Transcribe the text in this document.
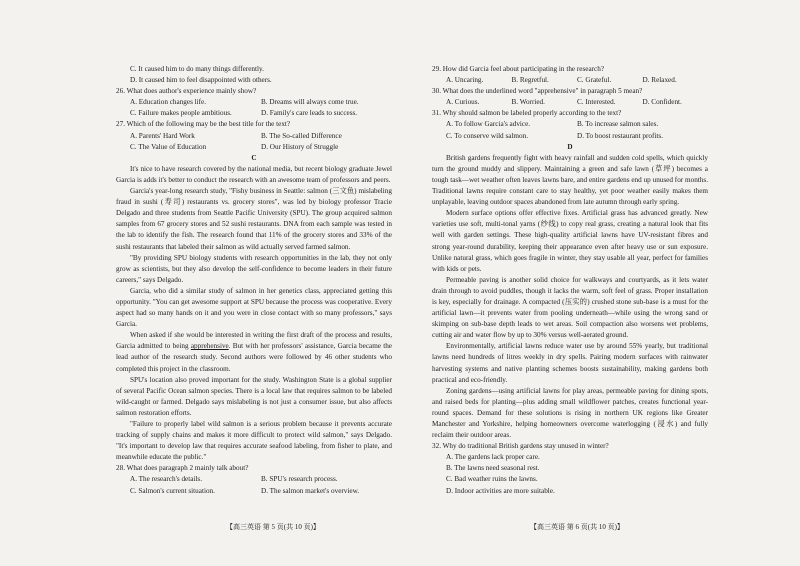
C. It caused him to do many things differently.
D. It caused him to feel disappointed with others.
26. What does author's experience mainly show?
A. Education changes life.	B. Dreams will always come true.
C. Failure makes people ambitious.	D. Family's care leads to success.
27. Which of the following may be the best title for the text?
A. Parents' Hard Work	B. The So-called Difference
C. The Value of Education	D. Our History of Struggle
C

It's nice to have research covered by the national media, but recent biology graduate Jewel Garcia is adds it's better to conduct the research with an awesome team of professors and peers.

Garcia's year-long research study, "Fishy business in Seattle: salmon (三文鱼) mislabeling fraud in sushi (寿司) restaurants vs. grocery stores", was led by biology professor Tracie Delgado and three students from Seattle Pacific University (SPU). The group acquired salmon samples from 67 grocery stores and 52 sushi restaurants. DNA from each sample was tested in the lab to identify the fish. The research found that 11% of the grocery stores and 33% of the sushi restaurants that labeled their salmon as wild actually served farmed salmon.

"By providing SPU biology students with research opportunities in the lab, they not only grow as scientists, but they also develop the self-confidence to become leaders in their future careers," says Delgado.

Garcia, who did a similar study of salmon in her genetics class, appreciated getting this opportunity. "You can get awesome support at SPU because the process was cooperative. Every aspect had so many hands on it and you were in close contact with so many professors," says Garcia.

When asked if she would be interested in writing the first draft of the process and results, Garcia admitted to being apprehensive. But with her professors' assistance, Garcia became the lead author of the research study. Second authors were followed by 46 other students who completed this project in the classroom.

SPU's location also proved important for the study. Washington State is a global supplier of several Pacific Ocean salmon species. There is a local law that requires salmon to be labeled wild-caught or farmed. Delgado says mislabeling is not just a consumer issue, but also affects salmon restoration efforts.

"Failure to properly label wild salmon is a serious problem because it prevents accurate tracking of supply chains and makes it more difficult to protect wild salmon," says Delgado. "It's important to develop law that requires accurate seafood labeling, from fisher to plate, and meanwhile educate the public."

28. What does paragraph 2 mainly talk about?
A. The research's details.	B. SPU's research process.
C. Salmon's current situation.	D. The salmon market's overview.
29. How did Garcia feel about participating in the research?
A. Uncaring.	B. Regretful.	C. Grateful.	D. Relaxed.
30. What does the underlined word "apprehensive" in paragraph 5 mean?
A. Curious.	B. Worried.	C. Interested.	D. Confident.
31. Why should salmon be labeled properly according to the text?
A. To follow Garcia's advice.	B. To increase salmon sales.
C. To conserve wild salmon.	D. To boost restaurant profits.
D

British gardens frequently fight with heavy rainfall and sudden cold spells, which quickly turn the ground muddy and slippery. Maintaining a green and safe lawn (草坪) becomes a tough task—wet weather often leaves lawns bare, and entire gardens end up unused for months. Traditional lawns require constant care to stay healthy, yet poor weather easily makes them unplayable, leaving outdoor spaces abandoned from late autumn through early spring.

Modern surface options offer effective fixes. Artificial grass has advanced greatly. New varieties use soft, multi-tonal yarns (纱线) to copy real grass, creating a natural look that fits well with garden settings. These high-quality artificial lawns have UV-resistant fibres and strong year-round durability, keeping their appearance even after heavy use or sun exposure. Unlike natural grass, which goes fragile in winter, they stay usable all year, perfect for families with kids or pets.

Permeable paving is another solid choice for walkways and courtyards, as it lets water drain through to avoid puddles, though it lacks the warm, soft feel of grass. Proper installation is key, especially for drainage. A compacted (压实的) crushed stone sub-base is a must for the artificial lawn—it prevents water from pooling underneath—while using the wrong sand or skimping on sub-base depth leads to wet areas. Soil compaction also worsens wet problems, cutting air and water flow by up to 30% versus well-aerated ground.

Environmentally, artificial lawns reduce water use by around 55% yearly, but traditional lawns need hundreds of litres weekly in dry spells. Pairing modern surfaces with rainwater harvesting systems and native planting schemes boosts sustainability, making gardens both practical and eco-friendly.

Zoning gardens—using artificial lawns for play areas, permeable paving for dining spots, and raised beds for planting—plus adding small wildflower patches, creates functional year-round spaces. Demand for these solutions is rising in northern UK regions like Greater Manchester and Yorkshire, helping homeowners overcome waterlogging (浸水) and fully reclaim their outdoor areas.

32. Why do traditional British gardens stay unused in winter?
A. The gardens lack proper care.
B. The lawns need seasonal rest.
C. Bad weather ruins the lawns.
D. Indoor activities are more suitable.
【高三英语 第 5 页(共 10 页)】	【高三英语 第 6 页(共 10 页)】
